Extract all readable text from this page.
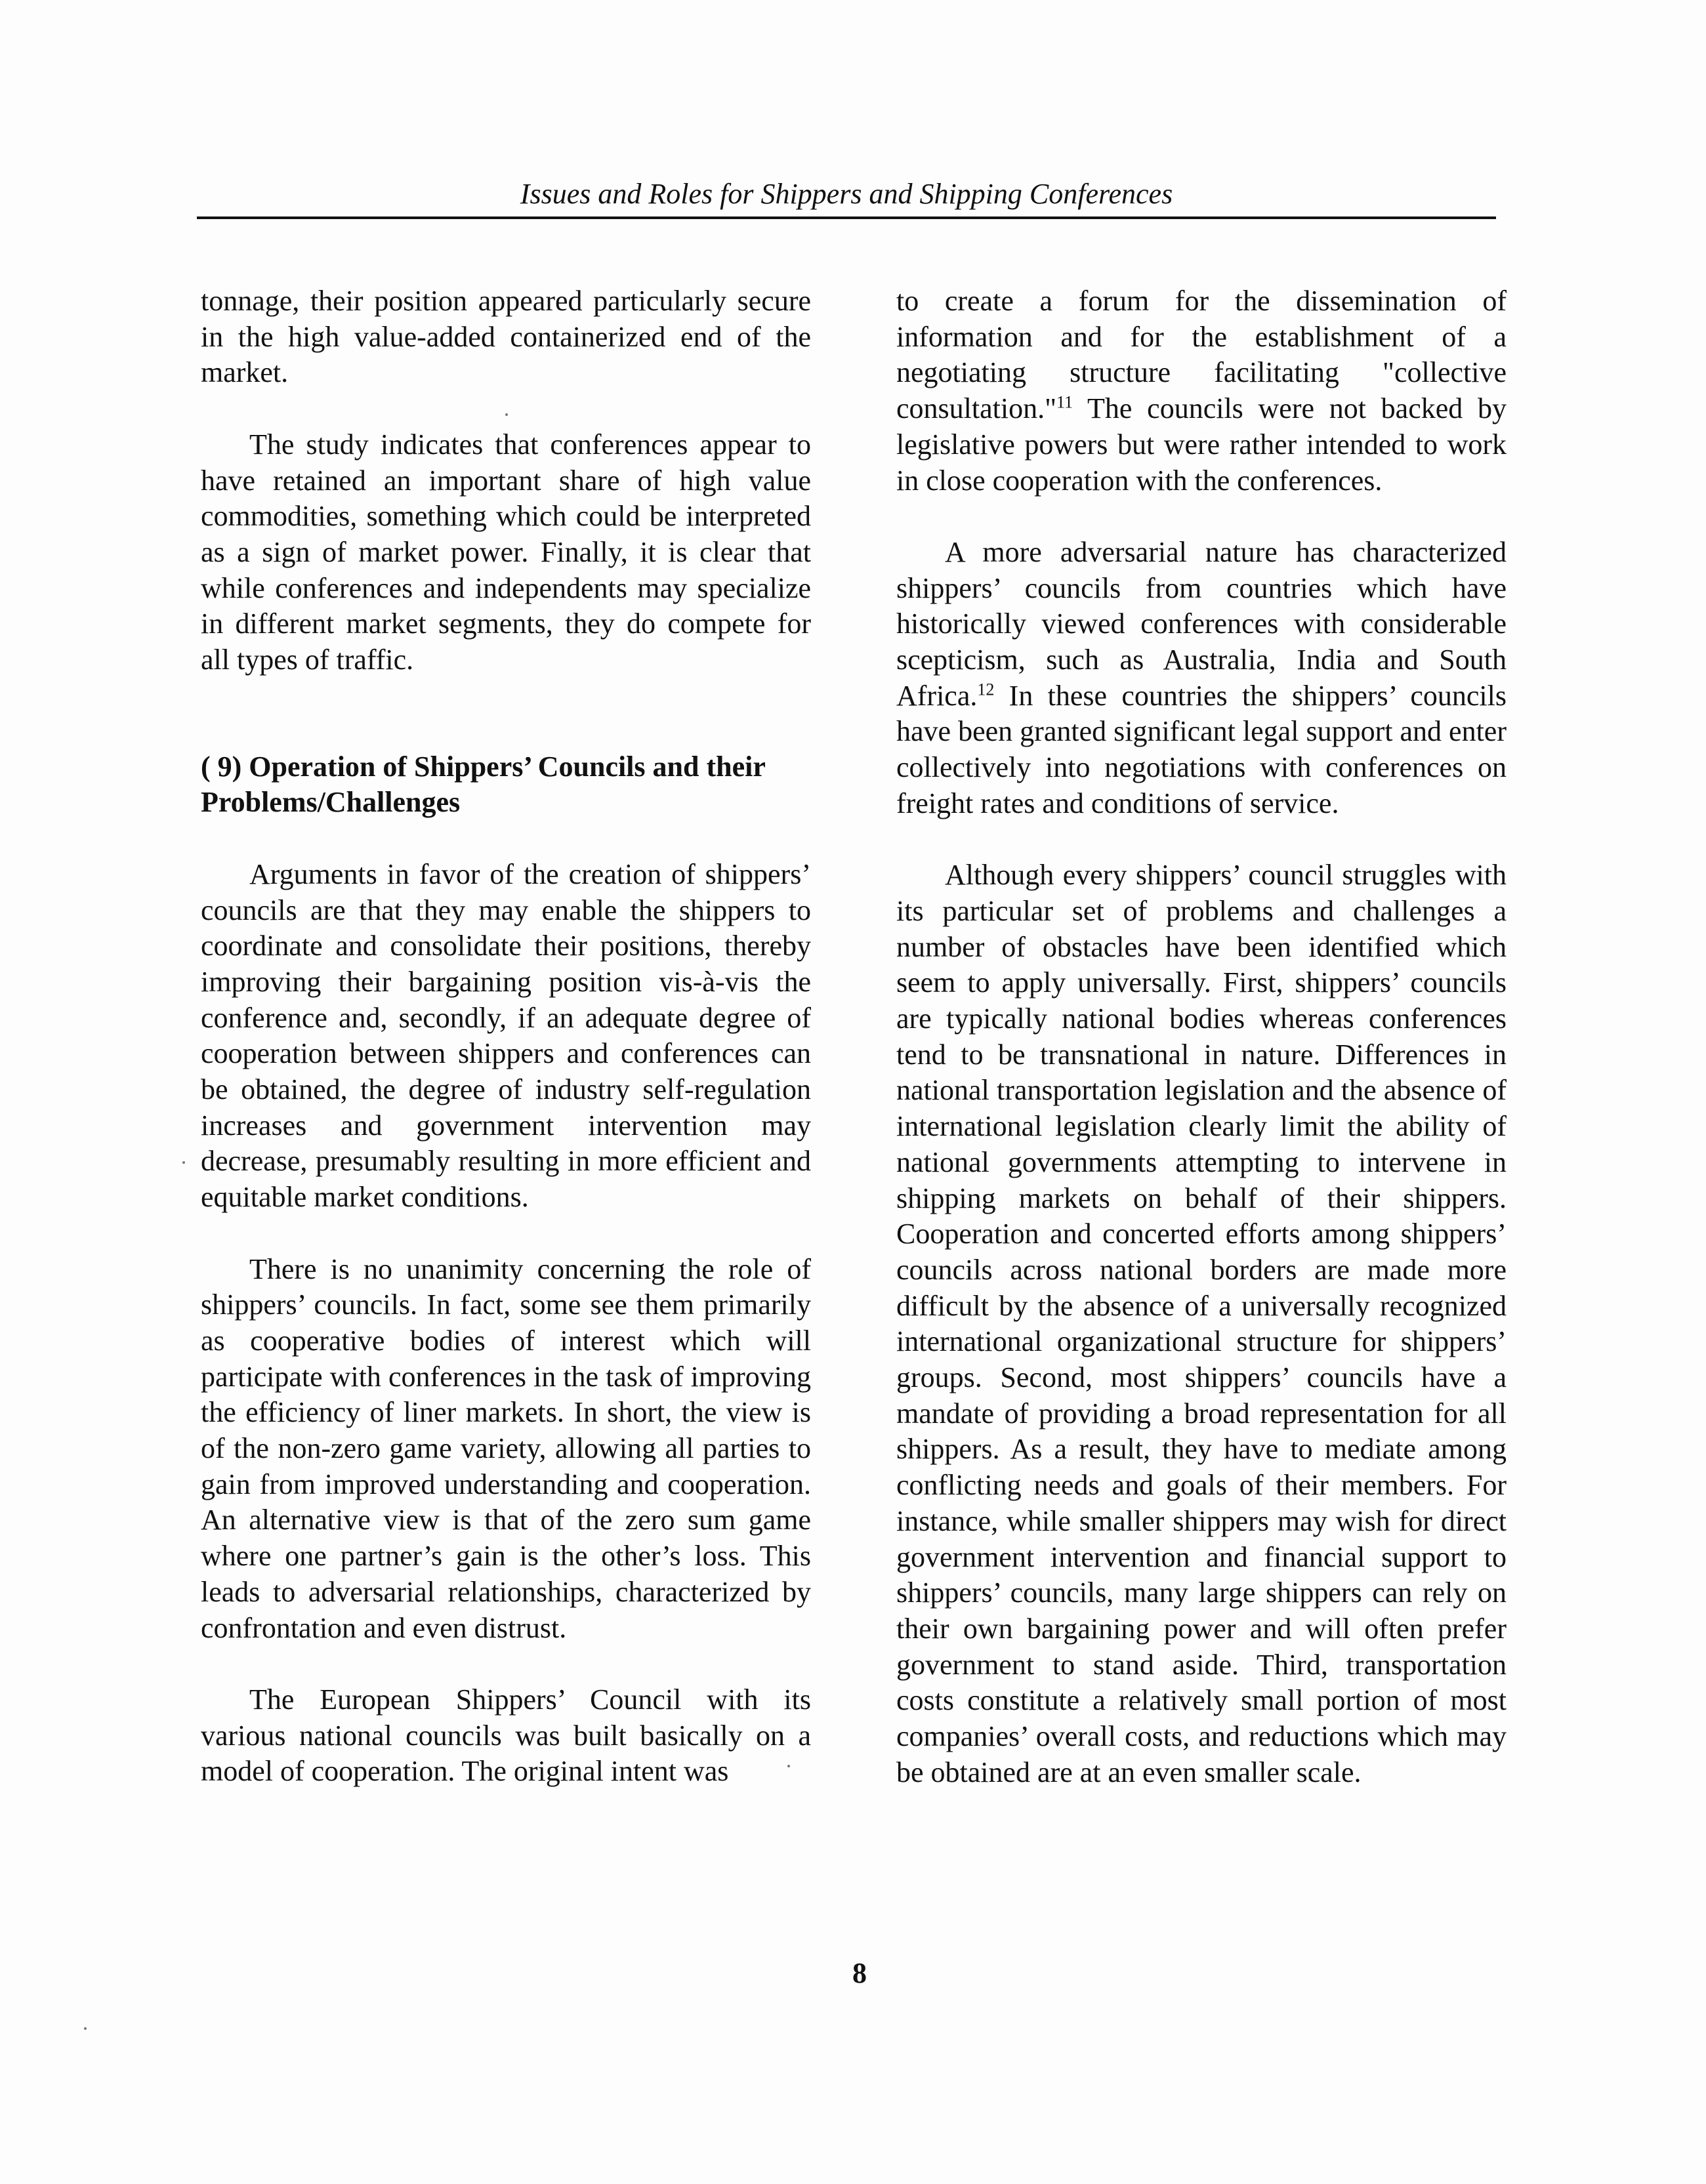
Issues and Roles for Shippers and Shipping Conferences

tonnage, their position appeared particularly secure in the high value-added containerized end of the market.

The study indicates that conferences appear to have retained an important share of high value commodities, something which could be interpreted as a sign of market power. Finally, it is clear that while conferences and independents may specialize in different market segments, they do compete for all types of traffic.

( 9) Operation of Shippers’ Councils and their Problems/Challenges

Arguments in favor of the creation of shippers’ councils are that they may enable the shippers to coordinate and consolidate their positions, thereby improving their bargaining position vis-à-vis the conference and, secondly, if an adequate degree of cooperation between shippers and conferences can be obtained, the degree of industry self-regulation increases and government intervention may decrease, presumably resulting in more efficient and equitable market conditions.

There is no unanimity concerning the role of shippers’ councils. In fact, some see them primarily as cooperative bodies of interest which will participate with conferences in the task of improving the efficiency of liner markets. In short, the view is of the non-zero game variety, allowing all parties to gain from improved understanding and cooperation. An alternative view is that of the zero sum game where one partner’s gain is the other’s loss. This leads to adversarial relationships, characterized by confrontation and even distrust.

The European Shippers’ Council with its various national councils was built basically on a model of cooperation. The original intent was

to create a forum for the dissemination of information and for the establishment of a negotiating structure facilitating "collective consultation."$^{11}$ The councils were not backed by legislative powers but were rather intended to work in close cooperation with the conferences.

A more adversarial nature has characterized shippers’ councils from countries which have historically viewed conferences with considerable scepticism, such as Australia, India and South Africa.$^{12}$ In these countries the shippers’ councils have been granted significant legal support and enter collectively into negotiations with conferences on freight rates and conditions of service.

Although every shippers’ council struggles with its particular set of problems and challenges a number of obstacles have been identified which seem to apply universally. First, shippers’ councils are typically national bodies whereas conferences tend to be transnational in nature. Differences in national transportation legislation and the absence of international legislation clearly limit the ability of national governments attempting to intervene in shipping markets on behalf of their shippers. Cooperation and concerted efforts among shippers’ councils across national borders are made more difficult by the absence of a universally recognized international organizational structure for shippers’ groups. Second, most shippers’ councils have a mandate of providing a broad representation for all shippers. As a result, they have to mediate among conflicting needs and goals of their members. For instance, while smaller shippers may wish for direct government intervention and financial support to shippers’ councils, many large shippers can rely on their own bargaining power and will often prefer government to stand aside. Third, transportation costs constitute a relatively small portion of most companies’ overall costs, and reductions which may be obtained are at an even smaller scale.

8
